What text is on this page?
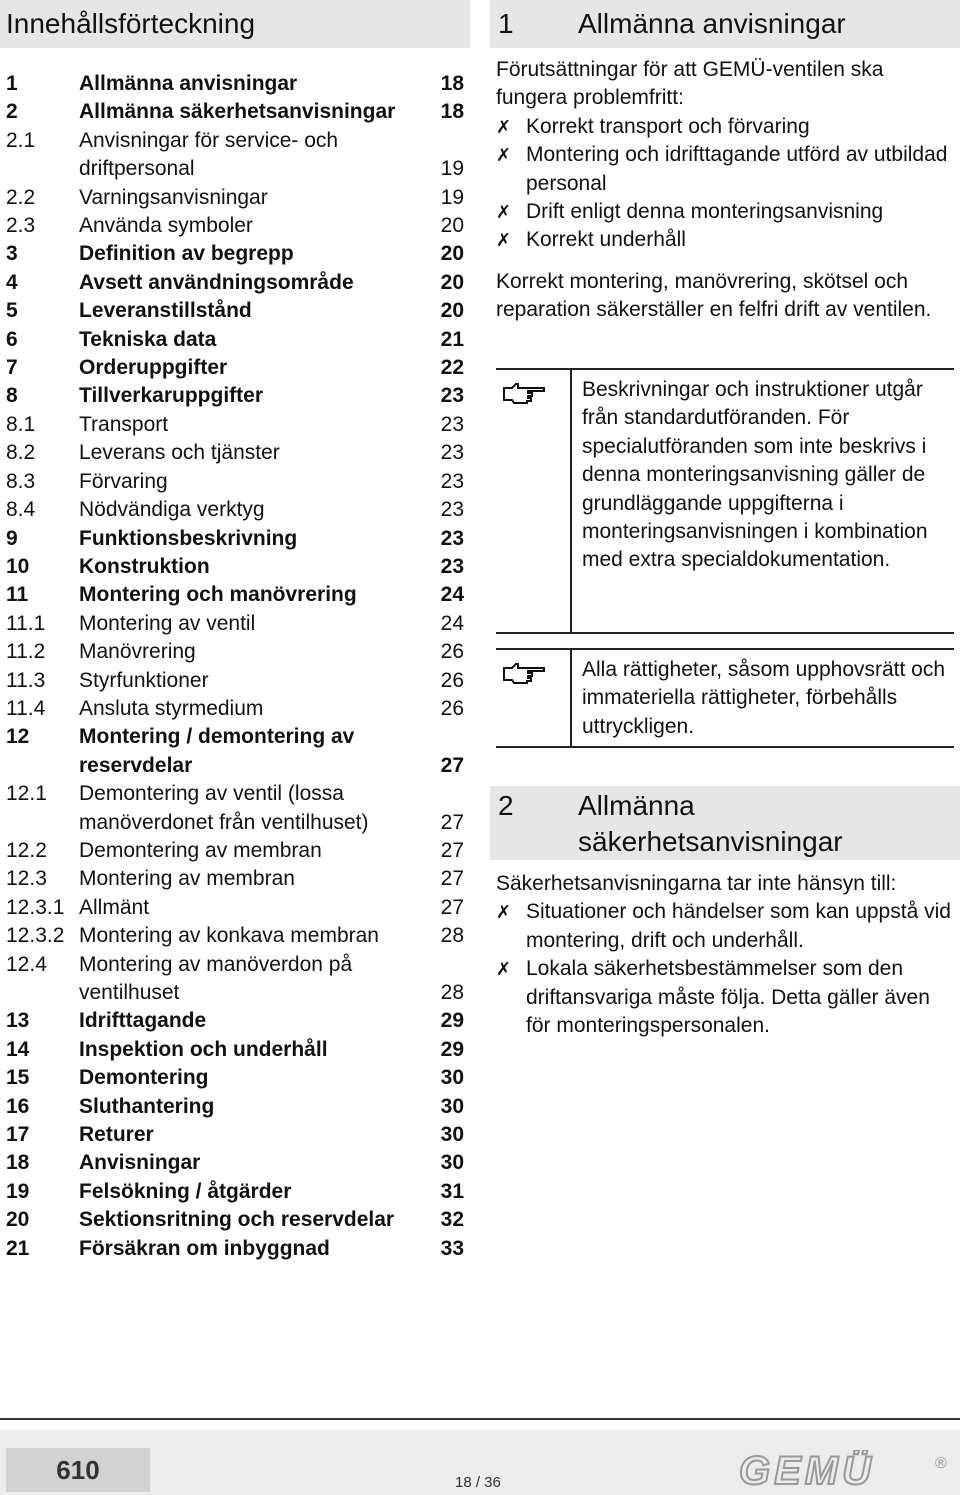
Innehållsförteckning
1	Allmänna anvisningar	18
2	Allmänna säkerhetsanvisningar	18
2.1 Anvisningar för service- och driftpersonal	19
2.2 Varningsanvisningar	19
2.3 Använda symboler	20
3	Definition av begrepp	20
4	Avsett användningsområde	20
5	Leveranstillstånd	20
6	Tekniska data	21
7	Orderuppgifter	22
8	Tillverkaruppgifter	23
8.1 Transport	23
8.2 Leverans och tjänster	23
8.3 Förvaring	23
8.4 Nödvändiga verktyg	23
9	Funktionsbeskrivning	23
10 Konstruktion	23
11 Montering och manövrering	24
11.1 Montering av ventil	24
11.2 Manövrering	26
11.3 Styrfunktioner	26
11.4 Ansluta styrmedium	26
12 Montering / demontering av reservdelar	27
12.1 Demontering av ventil (lossa manöverdonet från ventilhuset)	27
12.2 Demontering av membran	27
12.3 Montering av membran	27
12.3.1 Allmänt	27
12.3.2 Montering av konkava membran	28
12.4 Montering av manöverdon på ventilhuset	28
13 Idrifttagande	29
14 Inspektion och underhåll	29
15 Demontering	30
16 Sluthantering	30
17 Returer	30
18 Anvisningar	30
19 Felsökning / åtgärder	31
20 Sektionsritning och reservdelar	32
21 Försäkran om inbyggnad	33
1 Allmänna anvisningar
Förutsättningar för att GEMÜ-ventilen ska fungera problemfritt:
✗ Korrekt transport och förvaring
✗ Montering och idrifttagande utförd av utbildad personal
✗ Drift enligt denna monteringsanvisning
✗ Korrekt underhåll
Korrekt montering, manövrering, skötsel och reparation säkerställer en felfri drift av ventilen.
Beskrivningar och instruktioner utgår från standardutföranden. För specialutföranden som inte beskrivs i denna monteringsanvisning gäller de grundläggande uppgifterna i monteringsanvisningen i kombination med extra specialdokumentation.
Alla rättigheter, såsom upphovsrätt och immateriella rättigheter, förbehålls uttryckligen.
2 Allmänna säkerhetsanvisningar
Säkerhetsanvisningarna tar inte hänsyn till:
✗ Situationer och händelser som kan uppstå vid montering, drift och underhåll.
✗ Lokala säkerhetsbestämmelser som den driftansvariga måste följa. Detta gäller även för monteringspersonalen.
610	18 / 36	GEMÜ	®
